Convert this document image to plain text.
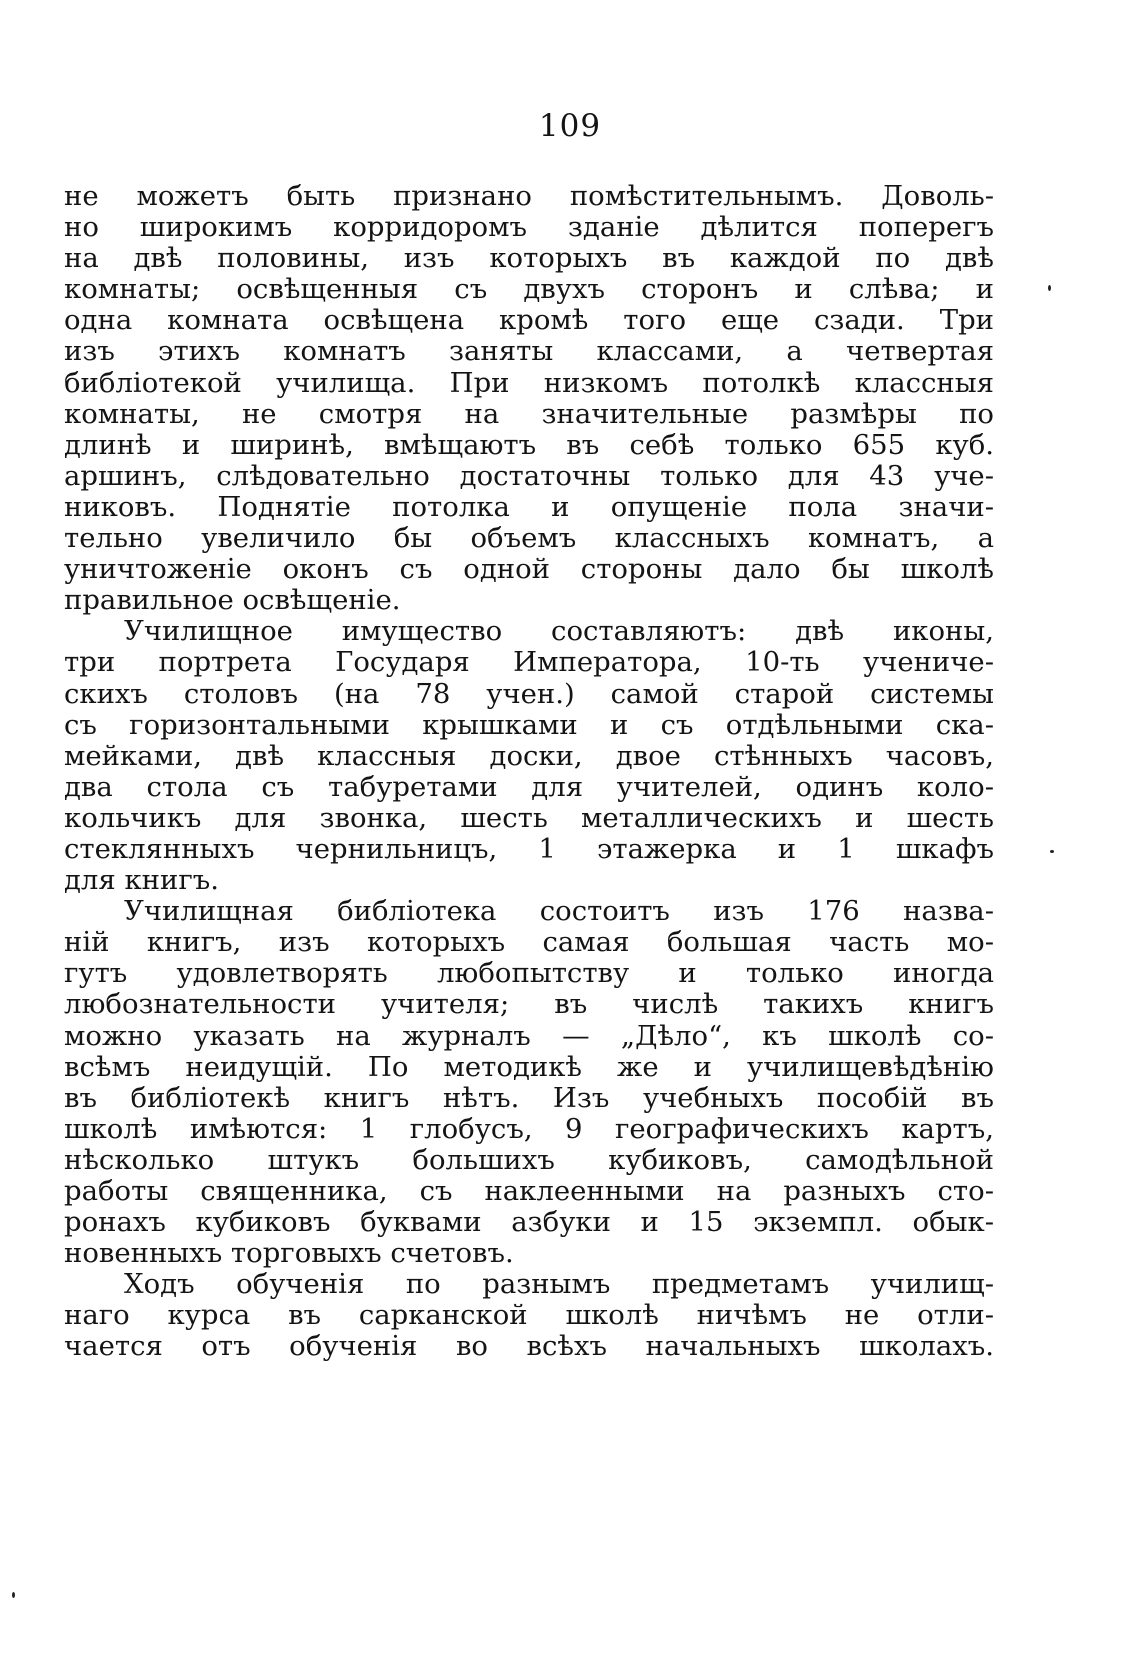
109
не можетъ быть признано помѣстительнымъ. Доволь-
но широкимъ корридоромъ зданіе дѣлится поперегъ
на двѣ половины, изъ которыхъ въ каждой по двѣ
комнаты; освѣщенныя съ двухъ сторонъ и слѣва; и
одна комната освѣщена кромѣ того еще сзади. Три
изъ этихъ комнатъ заняты классами, а четвертая
библіотекой училища. При низкомъ потолкѣ классныя
комнаты, не смотря на значительные размѣры по
длинѣ и ширинѣ, вмѣщаютъ въ себѣ только 655 куб.
аршинъ, слѣдовательно достаточны только для 43 уче-
никовъ. Поднятіе потолка и опущеніе пола значи-
тельно увеличило бы объемъ классныхъ комнатъ, а
уничтоженіе оконъ съ одной стороны дало бы школѣ
правильное освѣщеніе.
Училищное имущество составляютъ: двѣ иконы,
три портрета Государя Императора, 10-ть учениче-
скихъ столовъ (на 78 учен.) самой старой системы
съ горизонтальными крышками и съ отдѣльными ска-
мейками, двѣ классныя доски, двое стѣнныхъ часовъ,
два стола съ табуретами для учителей, одинъ коло-
кольчикъ для звонка, шесть металлическихъ и шесть
стеклянныхъ чернильницъ, 1 этажерка и 1 шкафъ
для книгъ.
Училищная библіотека состоитъ изъ 176 назва-
ній книгъ, изъ которыхъ самая большая часть мо-
гутъ удовлетворять любопытству и только иногда
любознательности учителя; въ числѣ такихъ книгъ
можно указать на журналъ — „Дѣло“, къ школѣ со-
всѣмъ неидущій. По методикѣ же и училищевѣдѣнію
въ библіотекѣ книгъ нѣтъ. Изъ учебныхъ пособій въ
школѣ имѣются: 1 глобусъ, 9 географическихъ картъ,
нѣсколько штукъ большихъ кубиковъ, самодѣльной
работы священника, съ наклеенными на разныхъ сто-
ронахъ кубиковъ буквами азбуки и 15 экземпл. обык-
новенныхъ торговыхъ счетовъ.
Ходъ обученія по разнымъ предметамъ училищ-
наго курса въ сарканской школѣ ничѣмъ не отли-
чается отъ обученія во всѣхъ начальныхъ школахъ.
